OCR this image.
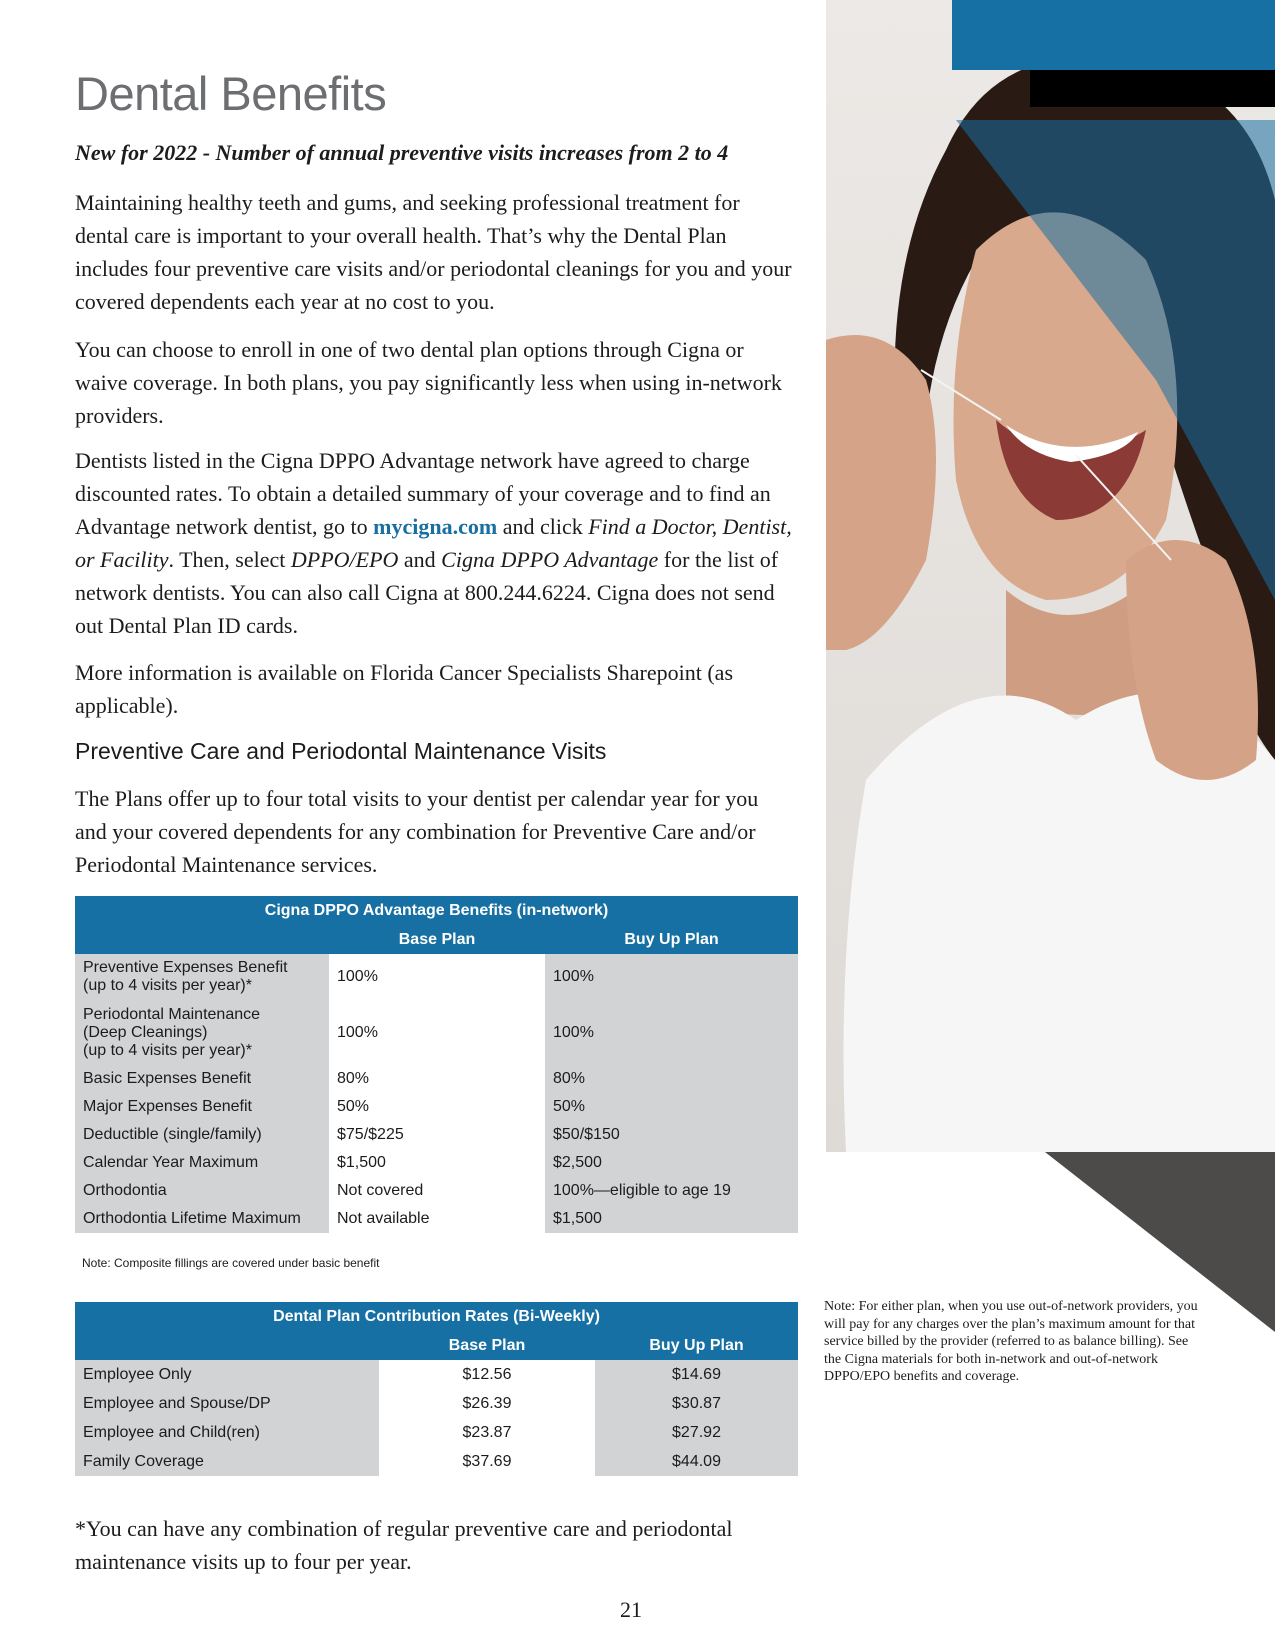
Dental Benefits
New for 2022 - Number of annual preventive visits increases from 2 to 4

Maintaining healthy teeth and gums, and seeking professional treatment for dental care is important to your overall health. That’s why the Dental Plan includes four preventive care visits and/or periodontal cleanings for you and your covered dependents each year at no cost to you.

You can choose to enroll in one of two dental plan options through Cigna or waive coverage. In both plans, you pay significantly less when using in-network providers.

Dentists listed in the Cigna DPPO Advantage network have agreed to charge discounted rates. To obtain a detailed summary of your coverage and to find an Advantage network dentist, go to mycigna.com and click Find a Doctor, Dentist, or Facility. Then, select DPPO/EPO and Cigna DPPO Advantage for the list of network dentists. You can also call Cigna at 800.244.6224. Cigna does not send out Dental Plan ID cards.

More information is available on Florida Cancer Specialists Sharepoint (as applicable).

Preventive Care and Periodontal Maintenance Visits

The Plans offer up to four total visits to your dentist per calendar year for you and your covered dependents for any combination for Preventive Care and/or Periodontal Maintenance services.

Cigna DPPO Advantage Benefits (in-network)		
	Base Plan	Buy Up Plan
Preventive Expenses Benefit
(up to 4 visits per year)*	100%	100%
Periodontal Maintenance
(Deep Cleanings)
(up to 4 visits per year)*	100%	100%
Basic Expenses Benefit	80%	80%
Major Expenses Benefit	50%	50%
Deductible (single/family)	$75/$225	$50/$150
Calendar Year Maximum	$1,500	$2,500
Orthodontia	Not covered	100%—eligible to age 19
Orthodontia Lifetime Maximum	Not available	$1,500
Note: Composite fillings are covered under basic benefit
Dental Plan Contribution Rates (Bi-Weekly)		
	Base Plan	Buy Up Plan
Employee Only	$12.56	$14.69
Employee and Spouse/DP	$26.39	$30.87
Employee and Child(ren)	$23.87	$27.92
Family Coverage	$37.69	$44.09
*You can have any combination of regular preventive care and periodontal maintenance visits up to four per year.
21
Note: For either plan, when you use out-of-network providers, you will pay for any charges over the plan’s maximum amount for that service billed by the provider (referred to as balance billing). See the Cigna materials for both in-network and out-of-network DPPO/EPO benefits and coverage.
